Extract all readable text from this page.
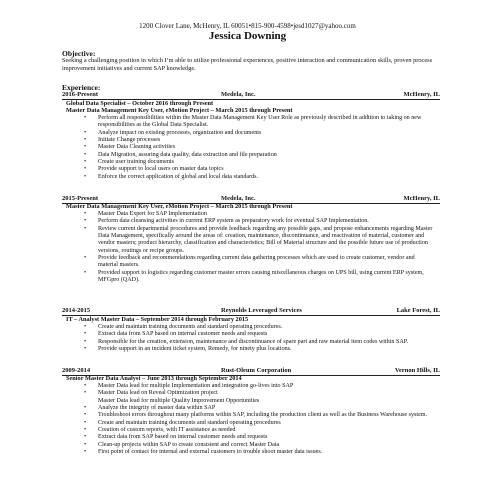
1200 Clover Lane, McHenry, IL 60051•815-900-4598•jesd1027@yahoo.com
Jessica Downing
Objective:
Seeking a challenging position in which I’m able to utilize professional experiences, positive interaction and communication skills, proven process improvement initiatives and current SAP knowledge.
Experience:
2016-Present	Medela, Inc.	McHenry, IL
Global Data Specialist – October 2016 through Present
Master Data Management Key User, eMotion Project – March 2015 through Present
• Perform all responsibilities within the Master Data Management Key User Role as previously described in addition to taking on new responsibilities as the Global Data Specialist.
• Analyze impact on existing processes, organization and documents
• Initiate Change processes
• Master Data Cleaning activities
• Data Migration, assuring data quality, data extraction and file preparation
• Create user training documents
• Provide support to local users on master data topics
• Enforce the correct application of global and local data standards.
2015-Present	Medela, Inc.	McHenry, IL
Master Data Management Key User, eMotion Project – March 2015 through Present
• Master Data Expert for SAP Implementation
• Perform data cleansing activities in current ERP system as preparatory work for eventual SAP Implementation.
• Review current departmental procedures and provide feedback regarding any possible gaps, and propose enhancements regarding Master Data Management, specifically around the areas of: creation, maintenance, discontinuance, and reactivation of material, customer and vendor masters; product hierarchy, classification and characteristics; Bill of Material structure and the possible future use of production versions, routings or recipe groups.
• Provide feedback and recommendations regarding current data gathering processes which are used to create customer, vendor and material masters.
• Provided support to logistics regarding customer master errors causing miscellaneous charges on UPS bill, using current ERP system, MFGpro (QAD).
2014-2015	Reynolds Leveraged Services	Lake Forest, IL
IT – Analyst Master Data – September 2014 through February 2015
• Create and maintain training documents and standard operating procedures.
• Extract data from SAP based on internal customer needs and requests
• Responsible for the creation, extension, maintenance and discontinuance of spare part and raw material item codes within SAP.
• Provide support in an incident ticket system, Remedy, for ninety plus locations.
2009-2014	Rust-Oleum Corporation	Vernon Hills, IL
Senior Master Data Analyst – June 2013 through September 2014
• Master Data lead for multiple Implementation and integration go-lives into SAP
• Master Data lead on Reveal Optimization project
Master Data lead for multiple Quality Improvement Opportunities
• Analyze the integrity of master data within SAP
• Troubleshoot errors throughout many platforms within SAP, including the production client as well as the Business Warehouse system.
• Create and maintain training documents and standard operating procedures
• Creation of custom reports, with IT assistance as needed
• Extract data from SAP based on internal customer needs and requests
• Clean-up projects within SAP to create consistent and correct Master Data
• First point of contact for internal and external customers to trouble shoot master data issues.
